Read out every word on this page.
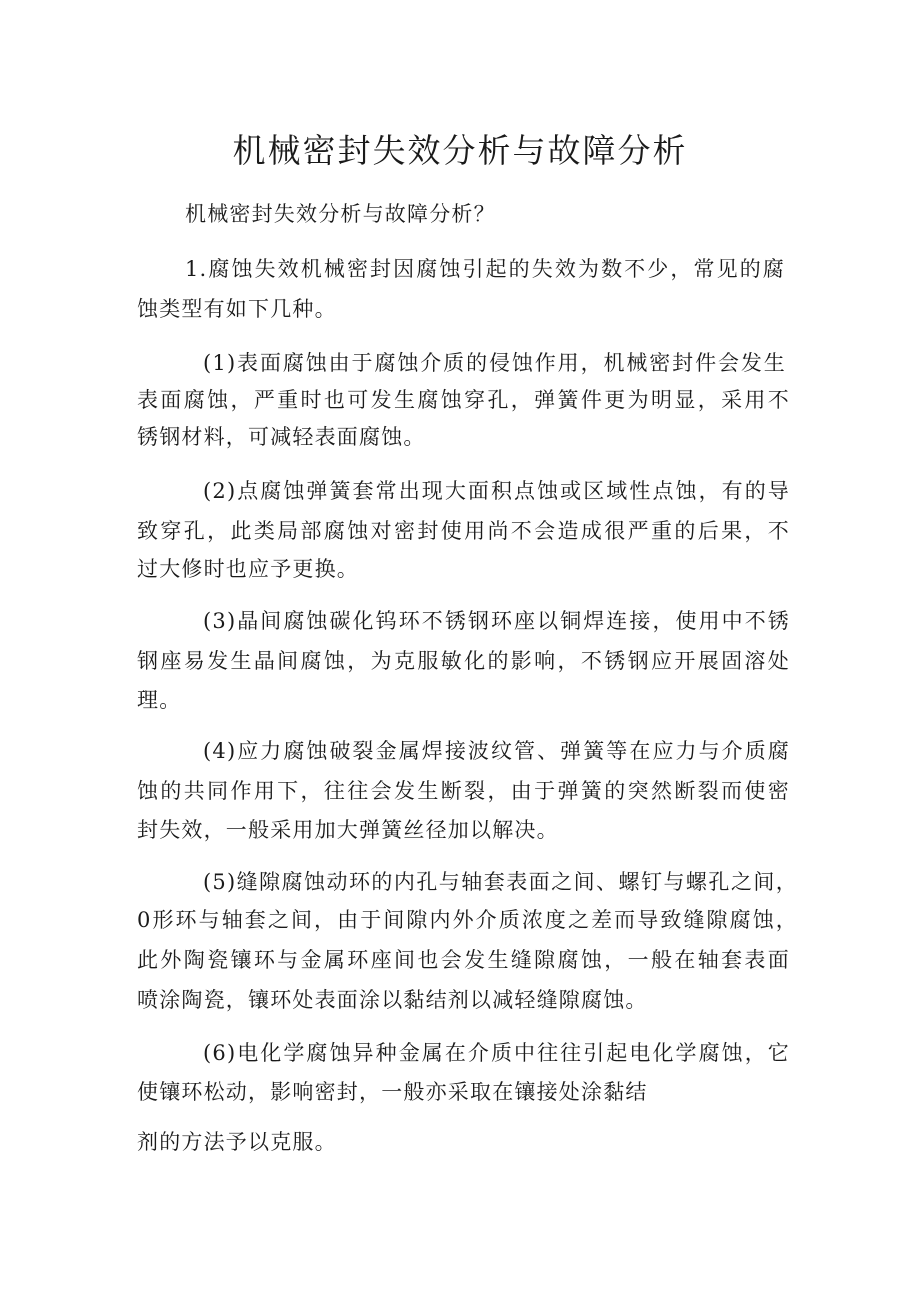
机械密封失效分析与故障分析
机械密封失效分析与故障分析？
1.腐蚀失效机械密封因腐蚀引起的失效为数不少，常见的腐
蚀类型有如下几种。
(1)表面腐蚀由于腐蚀介质的侵蚀作用，机械密封件会发生
表面腐蚀，严重时也可发生腐蚀穿孔，弹簧件更为明显，采用不
锈钢材料，可减轻表面腐蚀。
(2)点腐蚀弹簧套常出现大面积点蚀或区域性点蚀，有的导
致穿孔，此类局部腐蚀对密封使用尚不会造成很严重的后果，不
过大修时也应予更换。
(3)晶间腐蚀碳化钨环不锈钢环座以铜焊连接，使用中不锈
钢座易发生晶间腐蚀，为克服敏化的影响，不锈钢应开展固溶处
理。
(4)应力腐蚀破裂金属焊接波纹管、弹簧等在应力与介质腐
蚀的共同作用下，往往会发生断裂，由于弹簧的突然断裂而使密
封失效，一般采用加大弹簧丝径加以解决。
(5)缝隙腐蚀动环的内孔与轴套表面之间、螺钉与螺孔之间，
0形环与轴套之间，由于间隙内外介质浓度之差而导致缝隙腐蚀，
此外陶瓷镶环与金属环座间也会发生缝隙腐蚀，一般在轴套表面
喷涂陶瓷，镶环处表面涂以黏结剂以减轻缝隙腐蚀。
(6)电化学腐蚀异种金属在介质中往往引起电化学腐蚀，它
使镶环松动，影响密封，一般亦采取在镶接处涂黏结
剂的方法予以克服。
